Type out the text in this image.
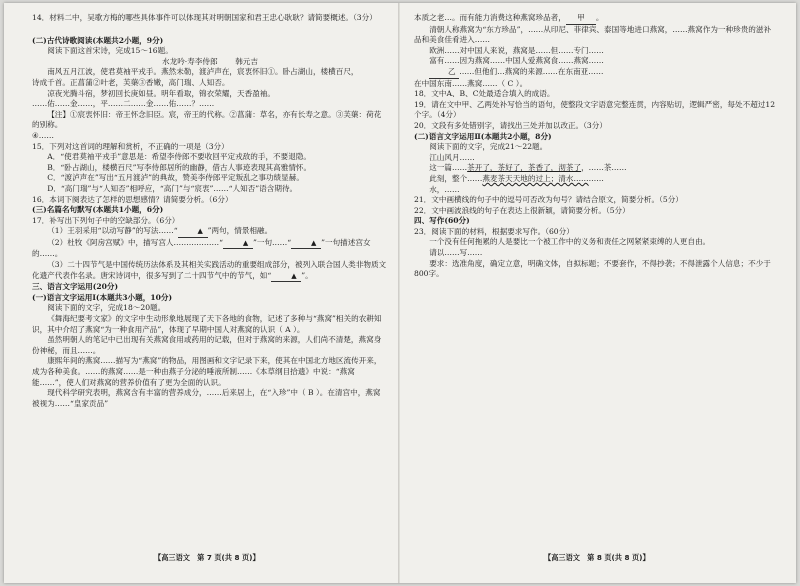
14．材料二中，吴歌方梅的哪些具体事件可以体现其对明朝国家和君王忠心耿耿？请简要概述。（3分）

(二)古代诗歌阅读(本题共2小题，9分)

阅读下面这首宋诗，完成15～16题。

水龙吟·寿李侍郎   韩元吉

南风五月江波，使君莫袖平戎手。燕然未勒，渡泸声在，宸衷怀旧①。卧占湖山，楼横百尺，

诗成千首。正菖蒲②叶老，芙蕖③香嫩，高门瑞、人知否。

凉夜光腾斗宿，梦初回长庚如昼。明年看取，锦衣荣耀，天香盈袖。

……佑……金……，平……二……金……佑……？……

【注】①宸衷怀旧：帝王怀念旧臣。宸，帝王的代称。②菖蒲：草名，亦有长寿之意。③芙蕖：荷花的别称。

④……

15．下列对这首词的理解和赏析，不正确的一项是（3分）

A．“使君莫袖平戎手”意思是：希望李侍郎不要收回平定戎敌的手，不要退隐。

B．“卧占湖山，楼横百尺”写李侍郎居所的幽静，借古人事迹表现其高雅情怀。

C．“渡泸声在”写出“五月渡泸”的典故，赞美李侍郎平定叛乱之事功绩显赫。

D．“高门瑞”与“人知否”相呼应，“高门”与“宸衷”……“人知否”语含期待。

16．本词下阕表达了怎样的思想感情？请简要分析。（6分）

(三)名篇名句默写(本题共1小题，6分)

17．补写出下列句子中的空缺部分。（6分）

（1）王羽采用“以动写静”的写法……“	▲ ”两句，情景相融。

（2）杜牧《阿房宫赋》中，描写宫人………………“	▲ ”一句……“	▲ ”一句描述宫女的……。

（3）二十四节气是中国传统历法体系及其相关实践活动的重要组成部分，被列入联合国人类非物质文化遗产代表作名录。唐宋诗词中，很多写到了二十四节气中的节气，如“	▲ ”。

三、语言文字运用(20分)

(一)语言文字运用Ⅰ(本题共3小题，10分)

阅读下面的文字，完成18～20题。

《舞海纪要考文家》的文字中生动形象地展现了天下各地的食物，记述了多种与“燕窝”相关的农耕知识，其中介绍了燕窝“为一种食用产品”，体现了早期中国人对燕窝的认识（ A ）。

虽然明朝人的笔记中已出现有关燕窝食用或药用的记载，但对于燕窝的来源，人们尚不清楚，燕窝身份神秘，而且……。

康熙年间的燕窝……描写为“燕窝”的物品，用图画和文字记录下来，使其在中国北方地区流传开来，成为各种美食。……的燕窝……是一种由燕子分泌的唾液所制……《本草纲目拾遗》中说：“燕窝能……”，使人们对燕窝的营养价值有了更为全面的认识。

现代科学研究表明，燕窝含有丰富的营养成分，……后来居上，在“入珍”中（ B ）。在清宫中，燕窝被视为……“皇家贡品”

本质之老…。而有能力消费这种燕窝珍品者， 甲 。

清朝人称燕窝为“东方珍品”，……从印尼、菲律宾、泰国等地进口燕窝，……燕窝作为一种珍贵的滋补品和美食佳肴进入……

欧洲……对中国人来说，燕窝是……但……专门……

富有……因为燕窝……中国人爱燕窝食……燕窝……

乙 ……但他们…燕窝的来源……在东南亚……

在中国东南……燕窝……（ C ）。

18．文中A、B、C处最适合填入的成语。

19．请在文中甲、乙两处补写恰当的语句，使整段文字语意完整连贯，内容贴切，逻辑严密，每处不超过12个字。（4分）

20．文段有多处错别字，请找出三处并加以改正。（3分）

(二)语言文字运用Ⅱ(本题共2小题，8分)

阅读下面的文字，完成21～22题。

江山风月……

这一篇……茶开了，茶好了，茶香了，沏茶了，……茶……

此刻，整个……燕麦茶天天地的过上；清水…………

水，……

21．文中画横线的句子中的逗号可否改为句号？请结合原文，简要分析。（5分）

22．文中画波浪线的句子在表达上很新颖，请简要分析。（5分）

四、写作(60分)

23．阅读下面的材料，根据要求写作。（60分）

一个没有任何拖累的人是要比一个被工作中的义务和责任之网紧紧束缚的人更自由。

请以……写……

要求：选准角度，确定立意，明确文体，自拟标题；不要套作，不得抄袭；不得泄露个人信息；不少于800字。

【高三语文　第 7 页(共 8 页)】	【高三语文　第 8 页(共 8 页)】
